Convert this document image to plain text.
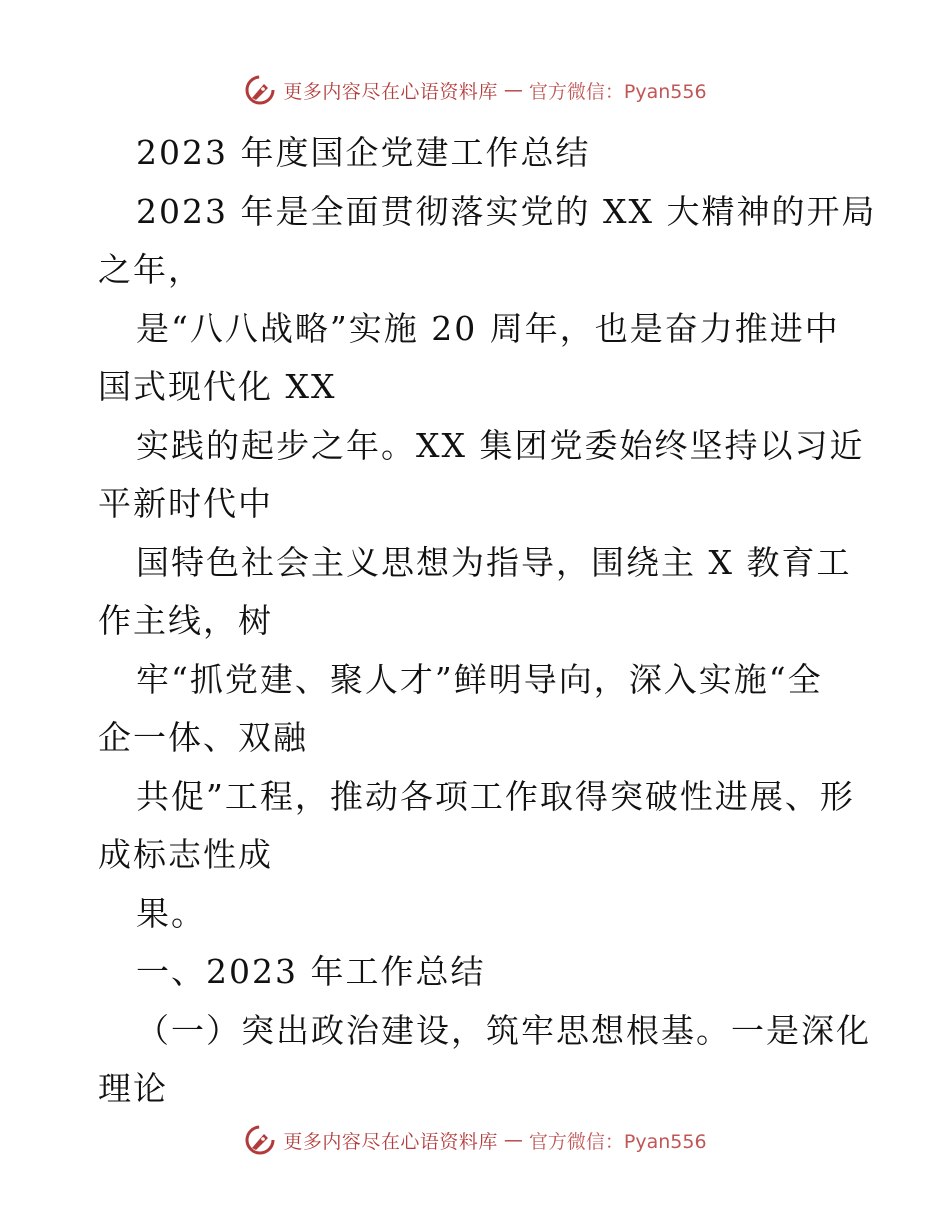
更多内容尽在心语资料库 — 官方微信：Pyan556
2023 年度国企党建工作总结
2023 年是全面贯彻落实党的 XX 大精神的开局
之年，
是“八八战略”实施 20 周年，也是奋力推进中
国式现代化 XX
实践的起步之年。XX 集团党委始终坚持以习近
平新时代中
国特色社会主义思想为指导，围绕主 X 教育工
作主线，树
牢“抓党建、聚人才”鲜明导向，深入实施“全
企一体、双融
共促”工程，推动各项工作取得突破性进展、形
成标志性成
果。
一、2023 年工作总结
（一）突出政治建设，筑牢思想根基。一是深化
理论
更多内容尽在心语资料库 — 官方微信：Pyan556
